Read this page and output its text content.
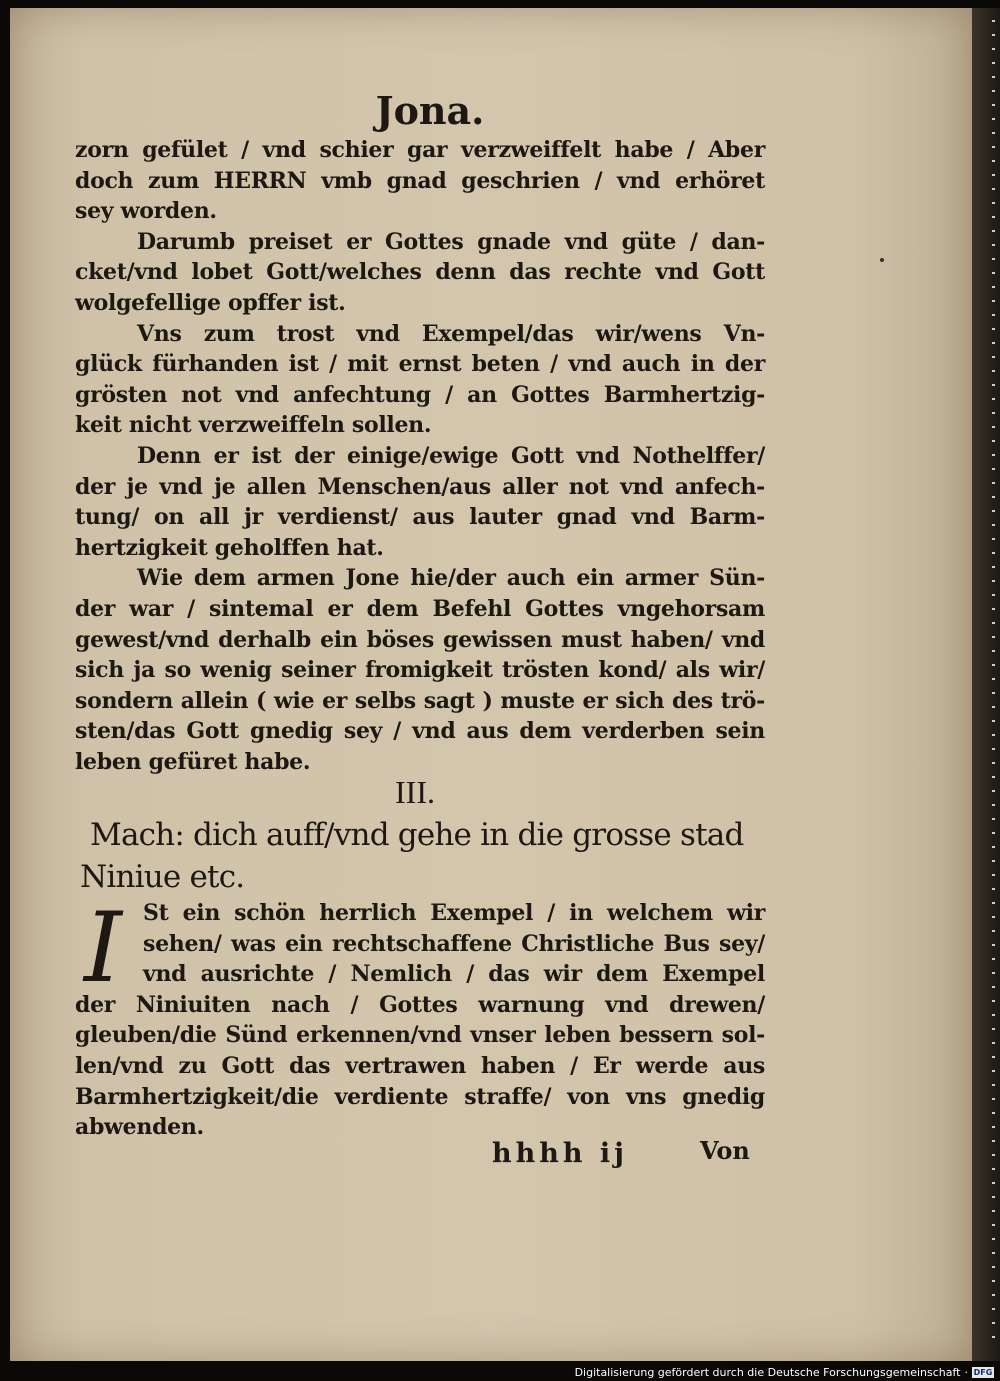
Jona.
zorn gefület / vnd schier gar verzweiffelt habe / Aber
doch zum HERRN vmb gnad geschrien / vnd erhöret
sey worden.
Darumb preiset er Gottes gnade vnd güte / dan-
cket/vnd lobet Gott/welches denn das rechte vnd Gott
wolgefellige opffer ist.
Vns zum trost vnd Exempel/das wir/wens Vn-
glück fürhanden ist / mit ernst beten / vnd auch in der
grösten not vnd anfechtung / an Gottes Barmhertzig-
keit nicht verzweiffeln sollen.
Denn er ist der einige/ewige Gott vnd Nothelffer/
der je vnd je allen Menschen/aus aller not vnd anfech-
tung/ on all jr verdienst/ aus lauter gnad vnd Barm-
hertzigkeit geholffen hat.
Wie dem armen Jone hie/der auch ein armer Sün-
der war / sintemal er dem Befehl Gottes vngehorsam
gewest/vnd derhalb ein böses gewissen must haben/ vnd
sich ja so wenig seiner fromigkeit trösten kond/ als wir/
sondern allein ( wie er selbs sagt ) muste er sich des trö-
sten/das Gott gnedig sey / vnd aus dem verderben sein
leben gefüret habe.
III.
Mach: dich auff/vnd gehe in die grosse stad
Niniue etc.
I St ein schön herrlich Exempel / in welchem wir
sehen/ was ein rechtschaffene Christliche Bus sey/
vnd ausrichte / Nemlich / das wir dem Exempel
der Niniuiten nach / Gottes warnung vnd drewen/
gleuben/die Sünd erkennen/vnd vnser leben bessern sol-
len/vnd zu Gott das vertrawen haben / Er werde aus
Barmhertzigkeit/die verdiente straffe/ von vns gnedig
abwenden.
hhhh ij	Von
Digitalisierung gefördert durch die Deutsche Forschungsgemeinschaft · DFG
